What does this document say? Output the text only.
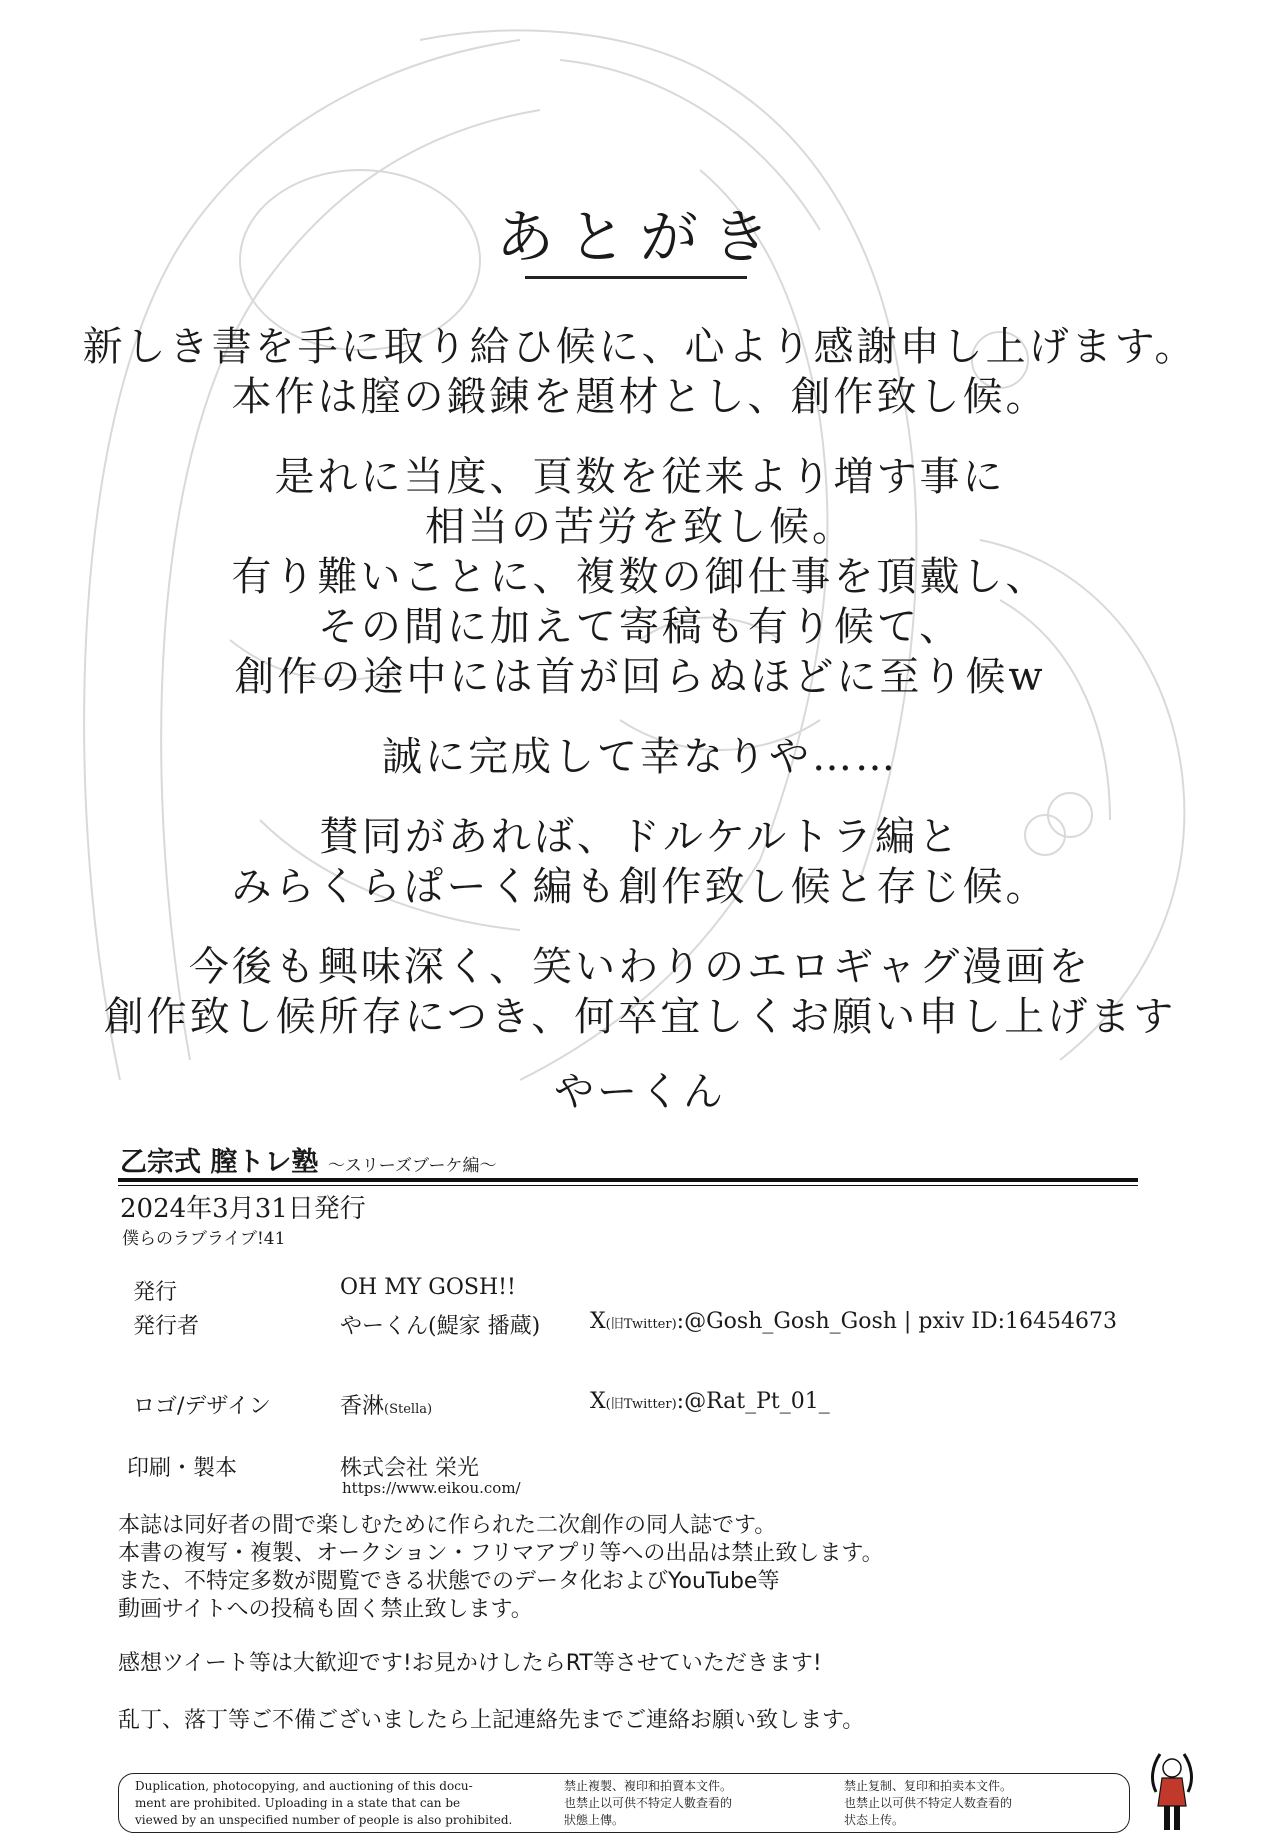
あとがき
新しき書を手に取り給ひ候に、心より感謝申し上げます。
本作は膣の鍛錬を題材とし、創作致し候。
是れに当度、頁数を従来より増す事に
相当の苦労を致し候。
有り難いことに、複数の御仕事を頂戴し、
その間に加えて寄稿も有り候て、
創作の途中には首が回らぬほどに至り候w
誠に完成して幸なりや……
賛同があれば、ドルケルトラ編と
みらくらぱーく編も創作致し候と存じ候。
今後も興味深く、笑いわりのエロギャグ漫画を
創作致し候所存につき、何卒宜しくお願い申し上げます
やーくん
乙宗式 膣トレ塾 〜スリーズブーケ編〜
2024年3月31日発行
僕らのラブライブ!41
発行	OH MY GOSH!!
発行者	やーくん(鯷家 播蔵) X(旧Twitter):@Gosh_Gosh_Gosh | pxiv ID:16454673
ロゴ/デザイン	香淋(Stella)	X(旧Twitter):@Rat_Pt_01_
印刷・製本	株式会社 栄光
https://www.eikou.com/
本誌は同好者の間で楽しむために作られた二次創作の同人誌です。
本書の複写・複製、オークション・フリマアプリ等への出品は禁止致します。
また、不特定多数が閲覧できる状態でのデータ化およびYouTube等
動画サイトへの投稿も固く禁止致します。
感想ツイート等は大歓迎です!お見かけしたらRT等させていただきます!
乱丁、落丁等ご不備ございましたら上記連絡先までご連絡お願い致します。
Duplication, photocopying, and auctioning of this docu-
ment are prohibited. Uploading in a state that can be
viewed by an unspecified number of people is also prohibited.
禁止複製、複印和拍賣本文件。
也禁止以可供不特定人數查看的
狀態上傳。
禁止复制、复印和拍卖本文件。
也禁止以可供不特定人数查看的
状态上传。
